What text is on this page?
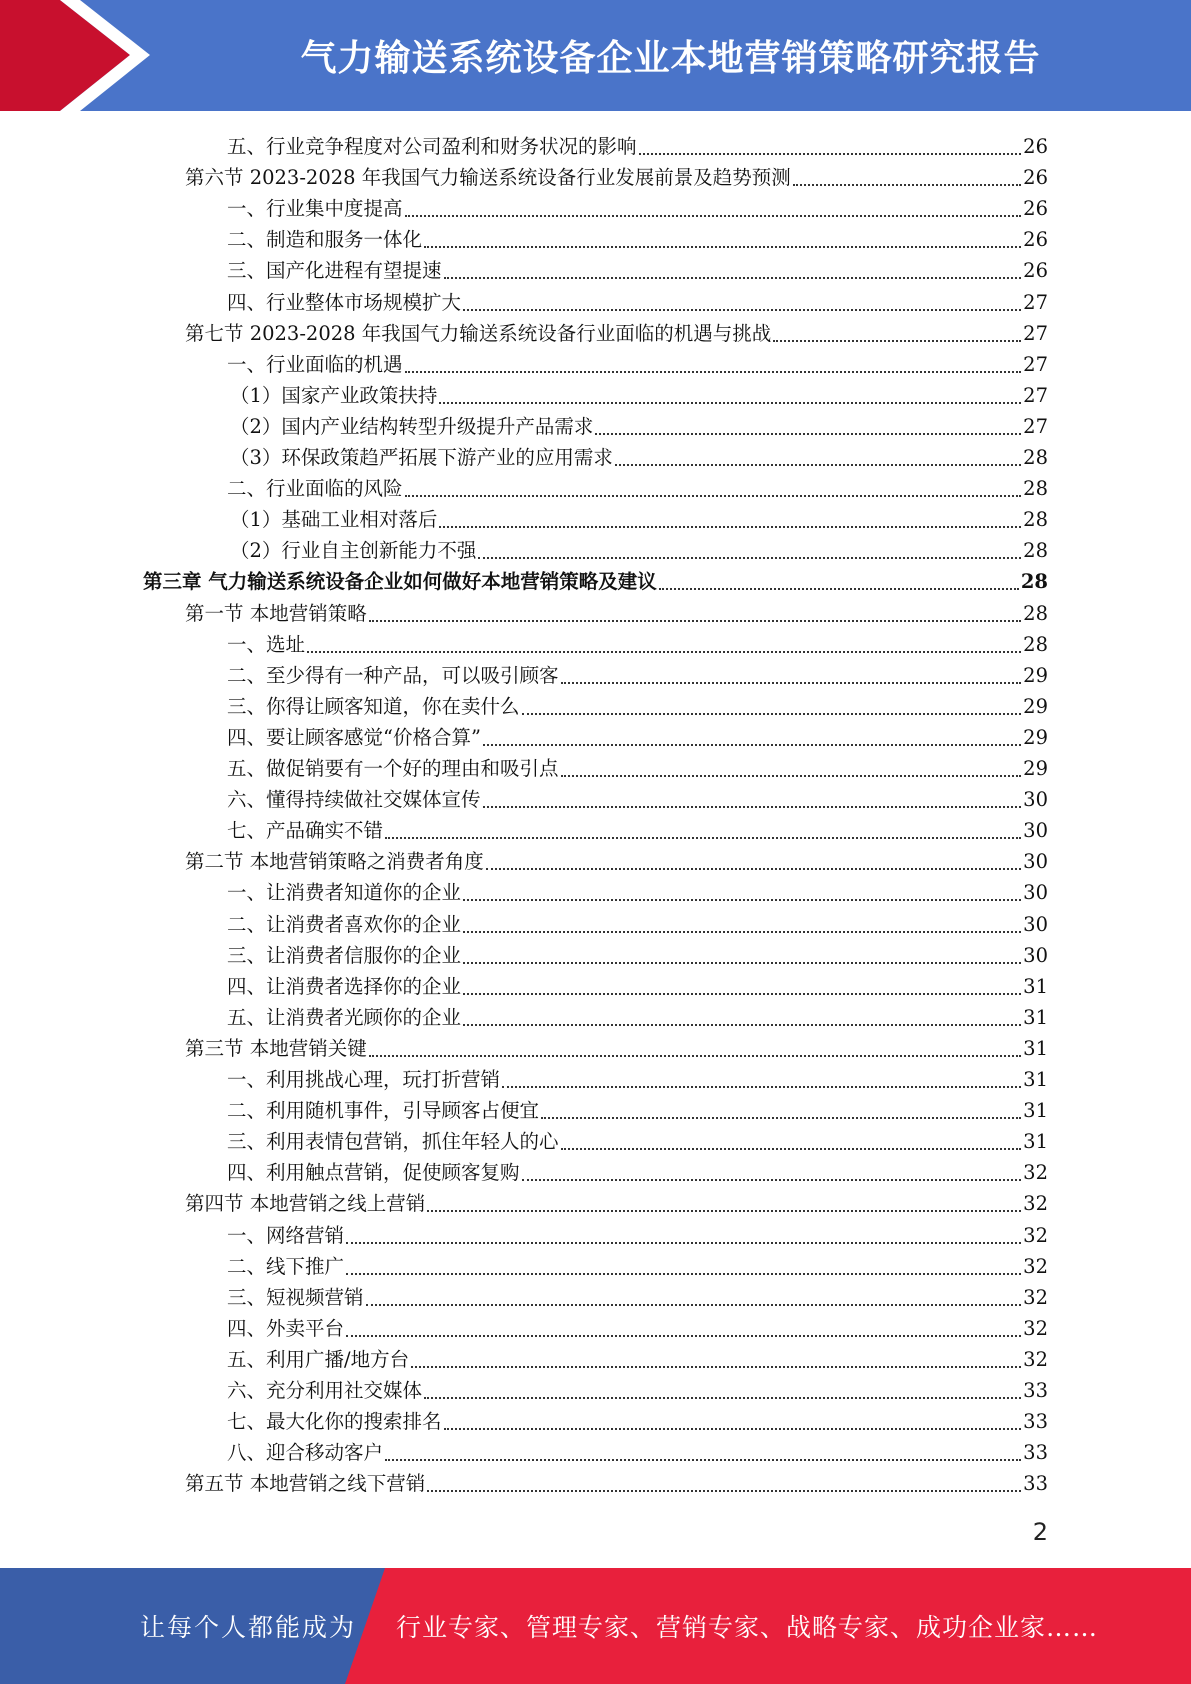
气力输送系统设备企业本地营销策略研究报告
五、行业竞争程度对公司盈利和财务状况的影响	26
第六节 2023-2028 年我国气力输送系统设备行业发展前景及趋势预测	26
一、行业集中度提高	26
二、制造和服务一体化	26
三、国产化进程有望提速	26
四、行业整体市场规模扩大	27
第七节 2023-2028 年我国气力输送系统设备行业面临的机遇与挑战	27
一、行业面临的机遇	27
（1）国家产业政策扶持	27
（2）国内产业结构转型升级提升产品需求	27
（3）环保政策趋严拓展下游产业的应用需求	28
二、行业面临的风险	28
（1）基础工业相对落后	28
（2）行业自主创新能力不强	28
第三章 气力输送系统设备企业如何做好本地营销策略及建议	28
第一节 本地营销策略	28
一、选址	28
二、至少得有一种产品，可以吸引顾客	29
三、你得让顾客知道，你在卖什么	29
四、要让顾客感觉“价格合算”	29
五、做促销要有一个好的理由和吸引点	29
六、懂得持续做社交媒体宣传	30
七、产品确实不错	30
第二节 本地营销策略之消费者角度	30
一、让消费者知道你的企业	30
二、让消费者喜欢你的企业	30
三、让消费者信服你的企业	30
四、让消费者选择你的企业	31
五、让消费者光顾你的企业	31
第三节 本地营销关键	31
一、利用挑战心理，玩打折营销	31
二、利用随机事件，引导顾客占便宜	31
三、利用表情包营销，抓住年轻人的心	31
四、利用触点营销，促使顾客复购	32
第四节 本地营销之线上营销	32
一、网络营销	32
二、线下推广	32
三、短视频营销	32
四、外卖平台	32
五、利用广播/地方台	32
六、充分利用社交媒体	33
七、最大化你的搜索排名	33
八、迎合移动客户	33
第五节 本地营销之线下营销	33
2
让每个人都能成为 行业专家、管理专家、营销专家、战略专家、成功企业家……
